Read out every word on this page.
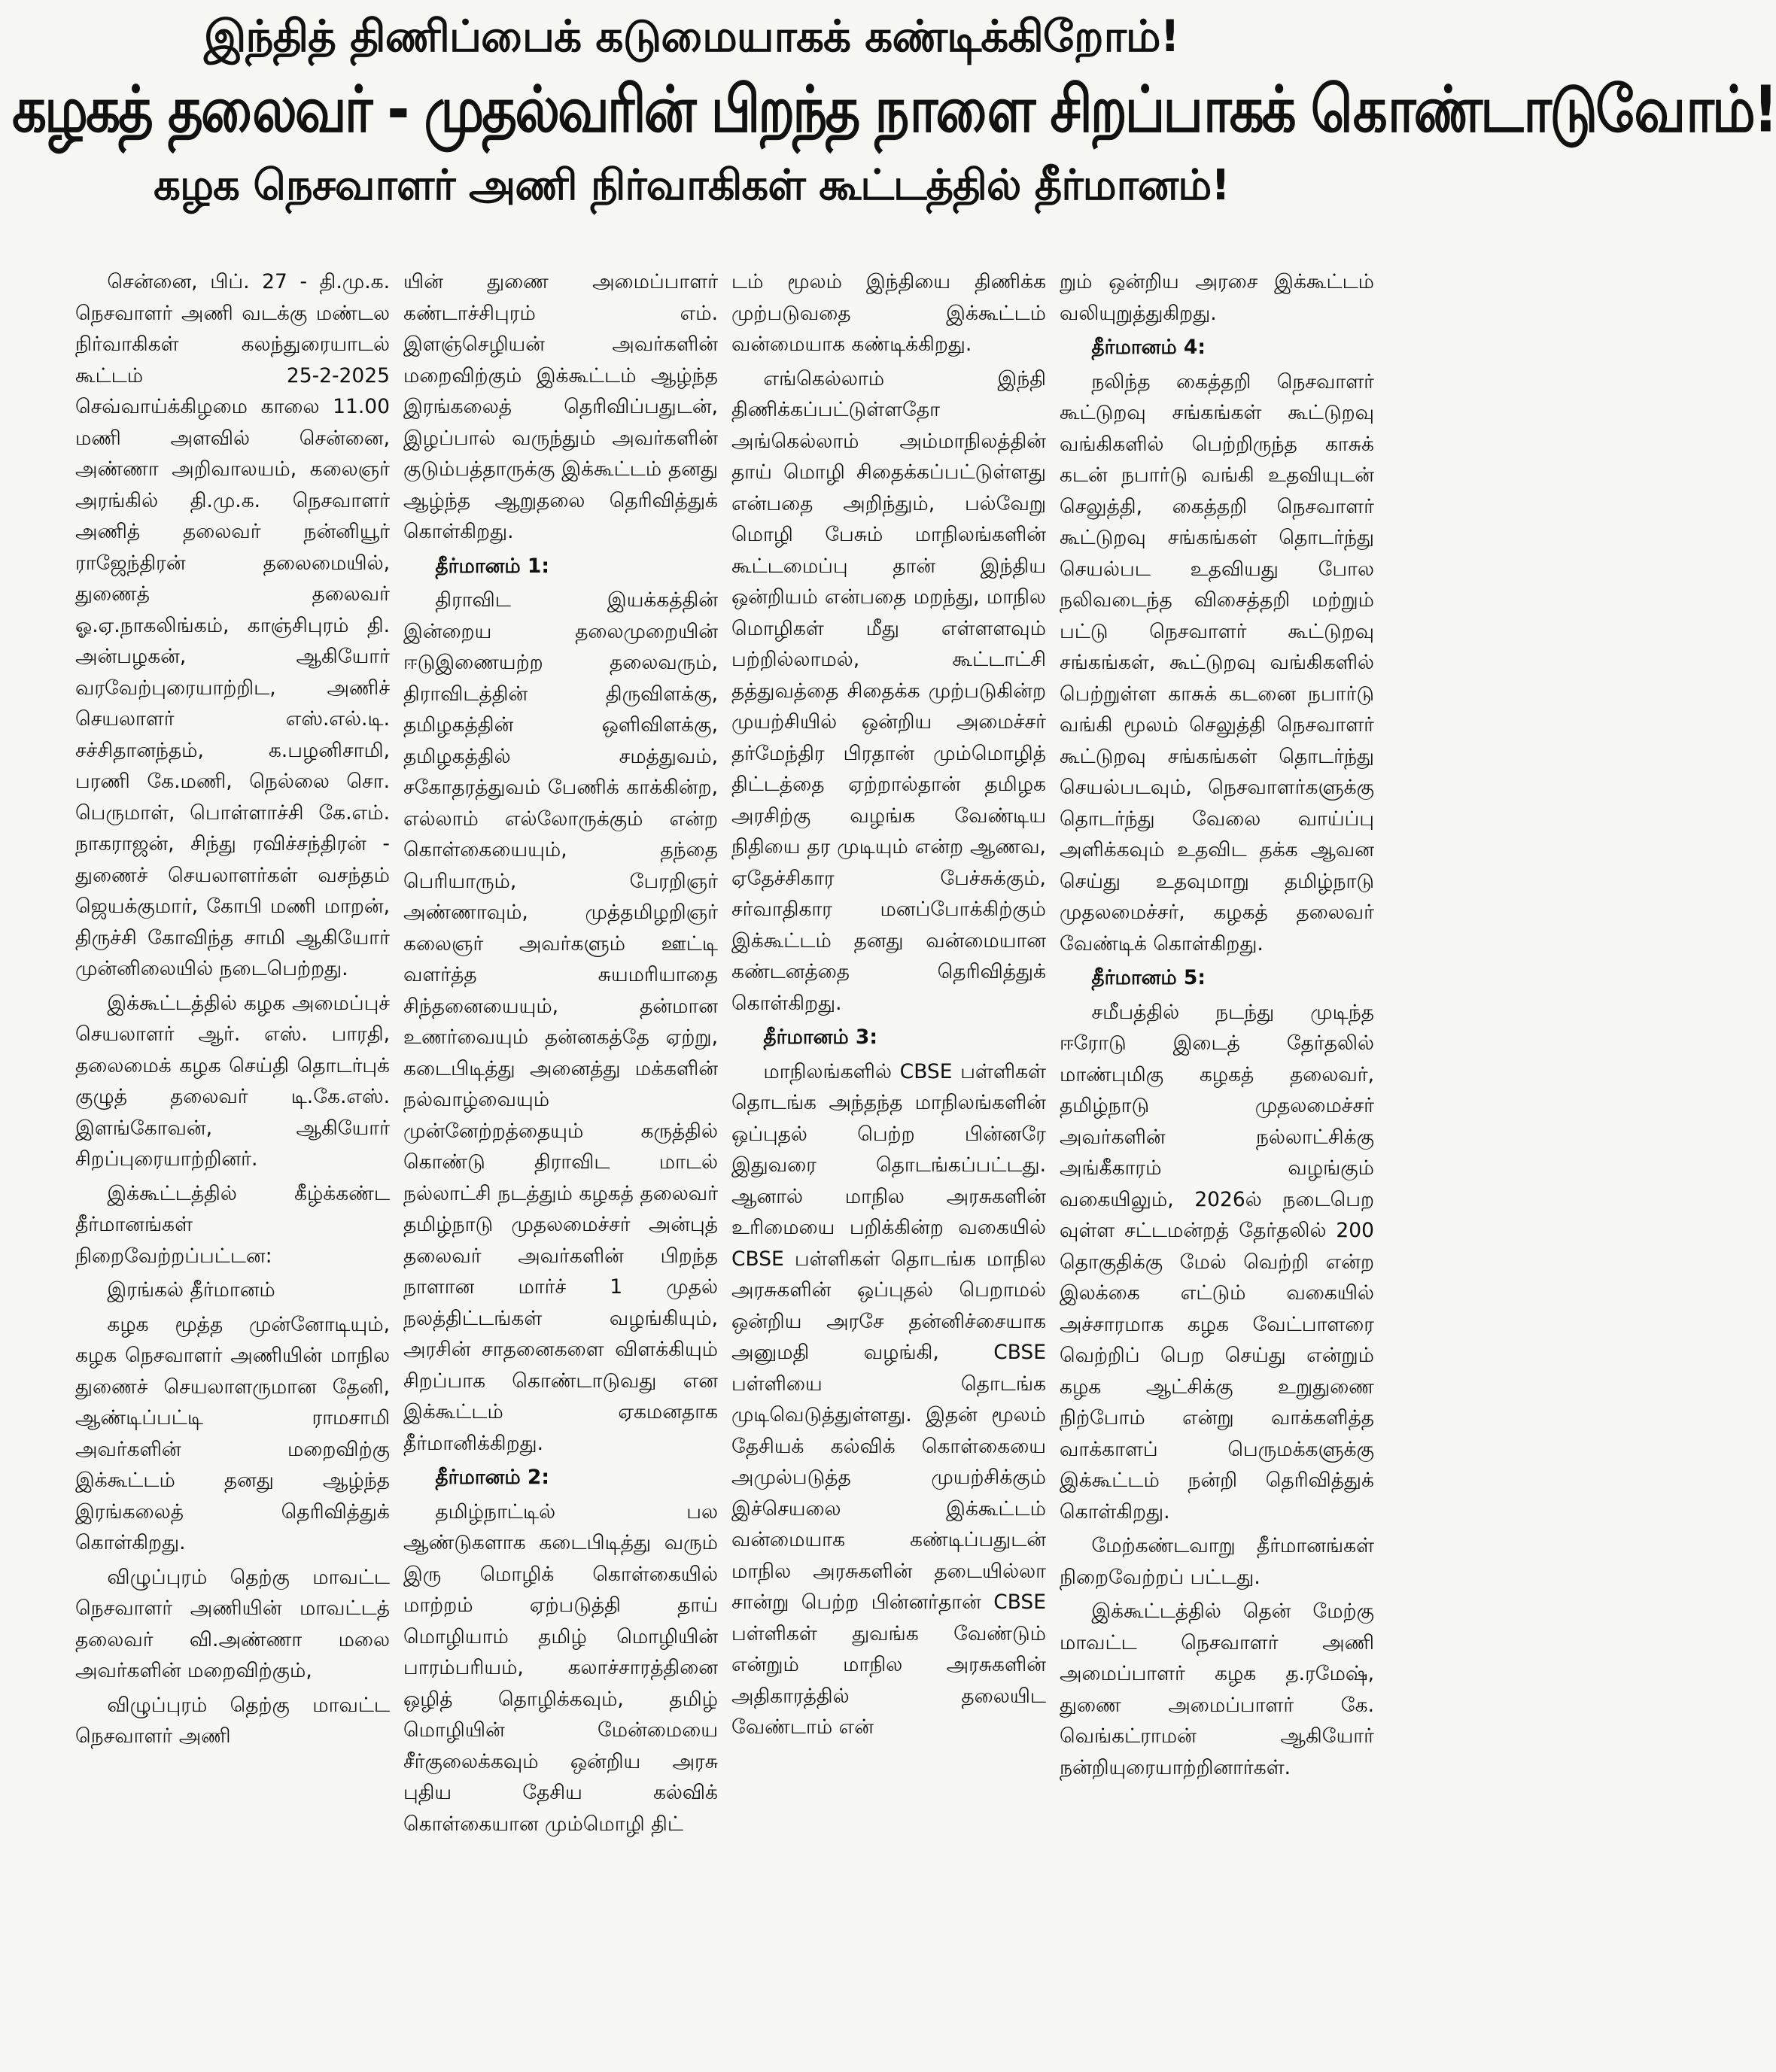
இந்தித் திணிப்பைக் கடுமையாகக் கண்டிக்கிறோம்!
கழகத் தலைவர் - முதல்வரின் பிறந்த நாளை சிறப்பாகக் கொண்டாடுவோம்!
கழக நெசவாளர் அணி நிர்வாகிகள் கூட்டத்தில் தீர்மானம்!

சென்னை, பிப். 27 - தி.மு.க. நெசவாளர் அணி வடக்கு மண்டல நிர்வாகிகள் கலந்துரையாடல் கூட்டம் 25-2-2025 செவ்வாய்க்கிழமை காலை 11.00 மணி அளவில் சென்னை, அண்ணா அறிவாலயம், கலைஞர் அரங்கில் தி.மு.க. நெசவாளர் அணித் தலைவர் நன்னியூர் ராஜேந்திரன் தலைமையில், துணைத் தலைவர் ஓ.ஏ.நாகலிங்கம், காஞ்சிபுரம் தி. அன்பழகன், ஆகியோர் வரவேற்புரையாற்றிட, அணிச் செயலாளர் எஸ்.எல்.டி. சச்சிதானந்தம், க.பழனிசாமி, பரணி கே.மணி, நெல்லை சொ. பெருமாள், பொள்ளாச்சி கே.எம். நாகராஜன், சிந்து ரவிச்சந்திரன் - துணைச் செயலாளர்கள் வசந்தம் ஜெயக்குமார், கோபி மணி மாறன், திருச்சி கோவிந்த சாமி ஆகியோர் முன்னிலையில் நடைபெற்றது.

இக்கூட்டத்தில் கழக அமைப்புச் செயலாளர் ஆர். எஸ். பாரதி, தலைமைக் கழக செய்தி தொடர்புக் குழுத் தலைவர் டி.கே.எஸ். இளங்கோவன், ஆகியோர் சிறப்புரையாற்றினர்.

இக்கூட்டத்தில் கீழ்க்கண்ட தீர்மானங்கள் நிறைவேற்றப்பட்டன:

இரங்கல் தீர்மானம்

கழக மூத்த முன்னோடியும், கழக நெசவாளர் அணியின் மாநில துணைச் செயலாளருமான தேனி, ஆண்டிப்பட்டி ராமசாமி அவர்களின் மறைவிற்கு இக்கூட்டம் தனது ஆழ்ந்த இரங்கலைத் தெரிவித்துக் கொள்கிறது.

விழுப்புரம் தெற்கு மாவட்ட நெசவாளர் அணியின் மாவட்டத் தலைவர் வி.அண்ணா மலை அவர்களின் மறைவிற்கும்,

விழுப்புரம் தெற்கு மாவட்ட நெசவாளர் அணி

யின் துணை அமைப்பாளர் கண்டாச்சிபுரம் எம். இளஞ்செழியன் அவர்களின் மறைவிற்கும் இக்கூட்டம் ஆழ்ந்த இரங்கலைத் தெரிவிப்பதுடன், இழப்பால் வருந்தும் அவர்களின் குடும்பத்தாருக்கு இக்கூட்டம் தனது ஆழ்ந்த ஆறுதலை தெரிவித்துக் கொள்கிறது.

தீர்மானம் 1:

திராவிட இயக்கத்தின் இன்றைய தலைமுறையின் ஈடுஇணையற்ற தலைவரும், திராவிடத்தின் திருவிளக்கு, தமிழகத்தின் ஒளிவிளக்கு, தமிழகத்தில் சமத்துவம், சகோதரத்துவம் பேணிக் காக்கின்ற, எல்லாம் எல்லோருக்கும் என்ற கொள்கையையும், தந்தை பெரியாரும், பேரறிஞர் அண்ணாவும், முத்தமிழறிஞர் கலைஞர் அவர்களும் ஊட்டி வளர்த்த சுயமரியாதை சிந்தனையையும், தன்மான உணர்வையும் தன்னகத்தே ஏற்று, கடைபிடித்து அனைத்து மக்களின் நல்வாழ்வையும் முன்னேற்றத்தையும் கருத்தில் கொண்டு திராவிட மாடல் நல்லாட்சி நடத்தும் கழகத் தலைவர் தமிழ்நாடு முதலமைச்சர் அன்புத் தலைவர் அவர்களின் பிறந்த நாளான மார்ச் 1 முதல் நலத்திட்டங்கள் வழங்கியும், அரசின் சாதனைகளை விளக்கியும் சிறப்பாக கொண்டாடுவது என இக்கூட்டம் ஏகமனதாக தீர்மானிக்கிறது.

தீர்மானம் 2:

தமிழ்நாட்டில் பல ஆண்டுகளாக கடைபிடித்து வரும் இரு மொழிக் கொள்கையில் மாற்றம் ஏற்படுத்தி தாய் மொழியாம் தமிழ் மொழியின் பாரம்பரியம், கலாச்சாரத்தினை ஒழித் தொழிக்கவும், தமிழ் மொழியின் மேன்மையை சீர்குலைக்கவும் ஒன்றிய அரசு புதிய தேசிய கல்விக் கொள்கையான மும்மொழி திட்

டம் மூலம் இந்தியை திணிக்க முற்படுவதை இக்கூட்டம் வன்மையாக கண்டிக்கிறது.

எங்கெல்லாம் இந்தி திணிக்கப்பட்டுள்ளதோ அங்கெல்லாம் அம்மாநிலத்தின் தாய் மொழி சிதைக்கப்பட்டுள்ளது என்பதை அறிந்தும், பல்வேறு மொழி பேசும் மாநிலங்களின் கூட்டமைப்பு தான் இந்திய ஒன்றியம் என்பதை மறந்து, மாநில மொழிகள் மீது எள்ளளவும் பற்றில்லாமல், கூட்டாட்சி தத்துவத்தை சிதைக்க முற்படுகின்ற முயற்சியில் ஒன்றிய அமைச்சர் தர்மேந்திர பிரதான் மும்மொழித் திட்டத்தை ஏற்றால்தான் தமிழக அரசிற்கு வழங்க வேண்டிய நிதியை தர முடியும் என்ற ஆணவ, ஏதேச்சிகார பேச்சுக்கும், சர்வாதிகார மனப்போக்கிற்கும் இக்கூட்டம் தனது வன்மையான கண்டனத்தை தெரிவித்துக் கொள்கிறது.

தீர்மானம் 3:

மாநிலங்களில் CBSE பள்ளிகள் தொடங்க அந்தந்த மாநிலங்களின் ஒப்புதல் பெற்ற பின்னரே இதுவரை தொடங்கப்பட்டது. ஆனால் மாநில அரசுகளின் உரிமையை பறிக்கின்ற வகையில் CBSE பள்ளிகள் தொடங்க மாநில அரசுகளின் ஒப்புதல் பெறாமல் ஒன்றிய அரசே தன்னிச்சையாக அனுமதி வழங்கி, CBSE பள்ளியை தொடங்க முடிவெடுத்துள்ளது. இதன் மூலம் தேசியக் கல்விக் கொள்கையை அமுல்படுத்த முயற்சிக்கும் இச்செயலை இக்கூட்டம் வன்மையாக கண்டிப்பதுடன் மாநில அரசுகளின் தடையில்லா சான்று பெற்ற பின்னர்தான் CBSE பள்ளிகள் துவங்க வேண்டும் என்றும் மாநில அரசுகளின் அதிகாரத்தில் தலையிட வேண்டாம் என்

றும் ஒன்றிய அரசை இக்கூட்டம் வலியுறுத்துகிறது.

தீர்மானம் 4:

நலிந்த கைத்தறி நெசவாளர் கூட்டுறவு சங்கங்கள் கூட்டுறவு வங்கிகளில் பெற்றிருந்த காசுக் கடன் நபார்டு வங்கி உதவியுடன் செலுத்தி, கைத்தறி நெசவாளர் கூட்டுறவு சங்கங்கள் தொடர்ந்து செயல்பட உதவியது போல நலிவடைந்த விசைத்தறி மற்றும் பட்டு நெசவாளர் கூட்டுறவு சங்கங்கள், கூட்டுறவு வங்கிகளில் பெற்றுள்ள காசுக் கடனை நபார்டு வங்கி மூலம் செலுத்தி நெசவாளர் கூட்டுறவு சங்கங்கள் தொடர்ந்து செயல்படவும், நெசவாளர்களுக்கு தொடர்ந்து வேலை வாய்ப்பு அளிக்கவும் உதவிட தக்க ஆவன செய்து உதவுமாறு தமிழ்நாடு முதலமைச்சர், கழகத் தலைவர் வேண்டிக் கொள்கிறது.

தீர்மானம் 5:

சமீபத்தில் நடந்து முடிந்த ஈரோடு இடைத் தேர்தலில் மாண்புமிகு கழகத் தலைவர், தமிழ்நாடு முதலமைச்சர் அவர்களின் நல்லாட்சிக்கு அங்கீகாரம் வழங்கும் வகையிலும், 2026ல் நடைபெற வுள்ள சட்டமன்றத் தேர்தலில் 200 தொகுதிக்கு மேல் வெற்றி என்ற இலக்கை எட்டும் வகையில் அச்சாரமாக கழக வேட்பாளரை வெற்றிப் பெற செய்து என்றும் கழக ஆட்சிக்கு உறுதுணை நிற்போம் என்று வாக்களித்த வாக்காளப் பெருமக்களுக்கு இக்கூட்டம் நன்றி தெரிவித்துக் கொள்கிறது.

மேற்கண்டவாறு தீர்மானங்கள் நிறைவேற்றப் பட்டது.

இக்கூட்டத்தில் தென் மேற்கு மாவட்ட நெசவாளர் அணி அமைப்பாளர் கழக த.ரமேஷ், துணை அமைப்பாளர் கே. வெங்கட்ராமன் ஆகியோர் நன்றியுரையாற்றினார்கள்.
